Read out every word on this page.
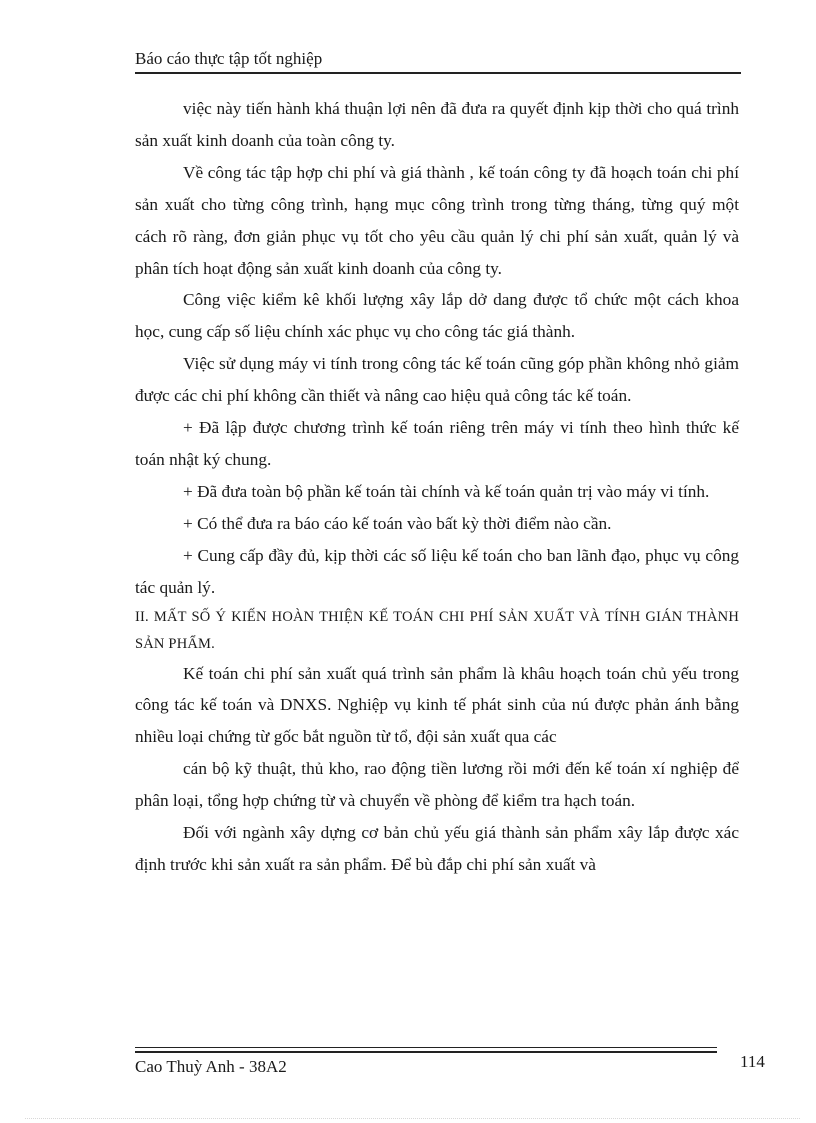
Báo cáo thực tập tốt nghiệp

việc này tiến hành khá thuận lợi nên đã đưa ra quyết định kịp thời cho quá trình sản xuất kinh doanh của toàn công ty.

Về công tác tập hợp chi phí và giá thành , kế toán công ty đã hoạch toán chi phí sản xuất cho từng công trình, hạng mục công trình trong từng tháng, từng quý một cách rõ ràng, đơn giản phục vụ tốt cho yêu cầu quản lý chi phí sản xuất, quản lý và phân tích hoạt động sản xuất kinh doanh của công ty.

Công việc kiểm kê khối lượng xây lắp dở dang được tổ chức một cách khoa học, cung cấp số liệu chính xác phục vụ cho công tác giá thành.

Việc sử dụng máy vi tính trong công tác kế toán cũng góp phần không nhỏ giảm được các chi phí không cần thiết và nâng cao hiệu quả công tác kế toán.

+ Đã lập được chương trình kế toán riêng trên máy vi tính theo hình thức kế toán nhật ký chung.

+ Đã đưa toàn bộ phần kế toán tài chính và kế toán quản trị vào máy vi tính.

+ Có thể đưa ra báo cáo kế toán vào bất kỳ thời điểm nào cần.

+ Cung cấp đầy đủ, kịp thời các số liệu kế toán cho ban lãnh đạo, phục vụ công tác quản lý.

II. MẤT SỐ Ý KIẾN HOÀN THIỆN KẾ TOÁN CHI PHÍ SẢN XUẤT VÀ TÍNH GIÁN THÀNH SẢN PHẨM.

Kế toán chi phí sản xuất quá trình sản phẩm là khâu hoạch toán chủ yếu trong công tác kế toán và DNXS. Nghiệp vụ kinh tế phát sinh của nú được phản ánh bằng nhiều loại chứng từ gốc bắt nguồn từ tổ, đội sản xuất qua các

cán bộ kỹ thuật, thủ kho, rao động tiền lương rồi mới đến kế toán xí nghiệp để phân loại, tổng hợp chứng từ và chuyển về phòng để kiểm tra hạch toán.

Đối với ngành xây dựng cơ bản chủ yếu giá thành sản phẩm xây lắp được xác định trước khi sản xuất ra sản phẩm. Để bù đắp chi phí sản xuất và

Cao Thuỳ Anh - 38A2	114
